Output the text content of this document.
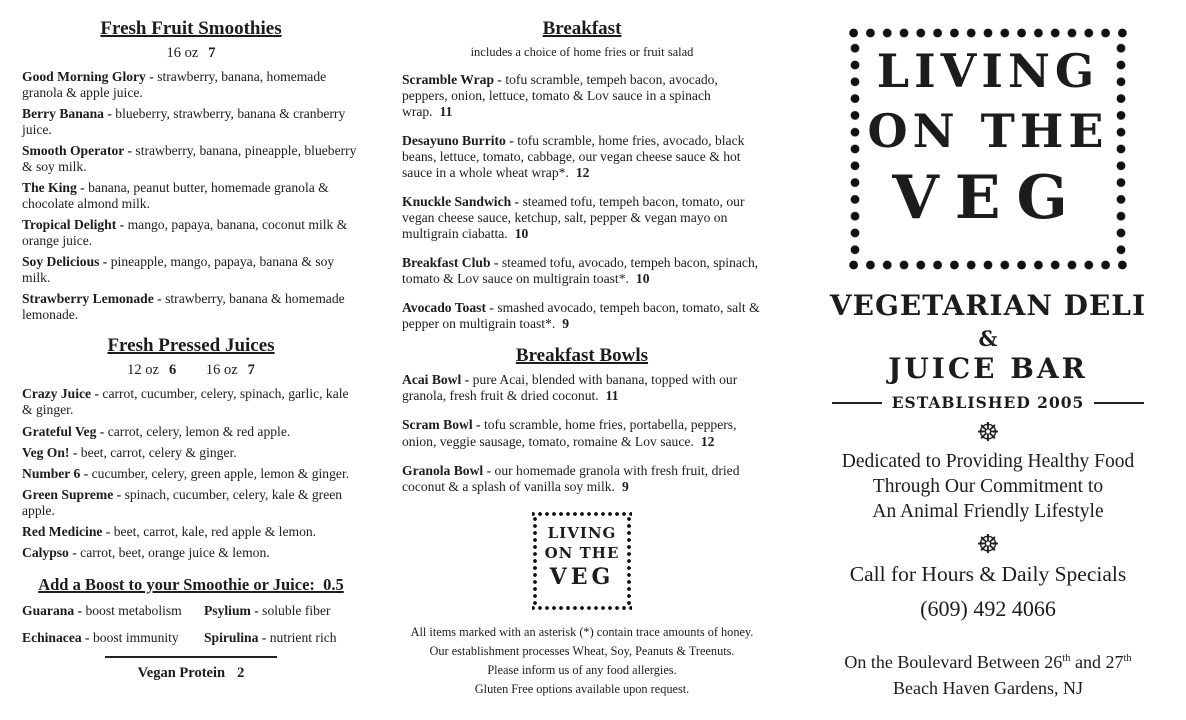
Fresh Fruit Smoothies
16 oz 7

Good Morning Glory - strawberry, banana, homemade granola & apple juice.

Berry Banana - blueberry, strawberry, banana & cranberry juice.

Smooth Operator - strawberry, banana, pineapple, blueberry & soy milk.

The King - banana, peanut butter, homemade granola & chocolate almond milk.

Tropical Delight - mango, papaya, banana, coconut milk & orange juice.

Soy Delicious - pineapple, mango, papaya, banana & soy milk.

Strawberry Lemonade - strawberry, banana & homemade lemonade.

Fresh Pressed Juices
12 oz 6 16 oz 7

Crazy Juice - carrot, cucumber, celery, spinach, garlic, kale & ginger.

Grateful Veg - carrot, celery, lemon & red apple.

Veg On! - beet, carrot, celery & ginger.

Number 6 - cucumber, celery, green apple, lemon & ginger.

Green Supreme - spinach, cucumber, celery, kale & green apple.

Red Medicine - beet, carrot, kale, red apple & lemon.

Calypso - carrot, beet, orange juice & lemon.

Add a Boost to your Smoothie or Juice:  0.5
Guarana - boost metabolism	Psylium - soluble fiber
Echinacea - boost immunity	Spirulina - nutrient rich

Vegan Protein 2

Breakfast

includes a choice of home fries or fruit salad

Scramble Wrap - tofu scramble, tempeh bacon, avocado, peppers, onion, lettuce, tomato & Lov sauce in a spinach wrap. 11

Desayuno Burrito - tofu scramble, home fries, avocado, black beans, lettuce, tomato, cabbage, our vegan cheese sauce & hot sauce in a whole wheat wrap*. 12

Knuckle Sandwich - steamed tofu, tempeh bacon, tomato, our vegan cheese sauce, ketchup, salt, pepper & vegan mayo on multigrain ciabatta. 10

Breakfast Club - steamed tofu, avocado, tempeh bacon, spinach, tomato & Lov sauce on multigrain toast*. 10

Avocado Toast - smashed avocado, tempeh bacon, tomato, salt & pepper on multigrain toast*. 9

Breakfast Bowls

Acai Bowl - pure Acai, blended with banana, topped with our granola, fresh fruit & dried coconut. 11

Scram Bowl - tofu scramble, home fries, portabella, peppers, onion, veggie sausage, tomato, romaine & Lov sauce. 12

Granola Bowl - our homemade granola with fresh fruit, dried coconut & a splash of vanilla soy milk. 9

LIVING
ON THE
VEG
All items marked with an asterisk (*) contain trace amounts of honey.
Our establishment processes Wheat, Soy, Peanuts & Treenuts.
Please inform us of any food allergies.
Gluten Free options available upon request.
LIVING
ON THE
VEG
VEGETARIAN DELI
&
JUICE BAR
ESTABLISHED 2005
☸
Dedicated to Providing Healthy Food
Through Our Commitment to
An Animal Friendly Lifestyle
☸
Call for Hours & Daily Specials
(609) 492 4066
On the Boulevard Between 26th and 27th
Beach Haven Gardens, NJ
